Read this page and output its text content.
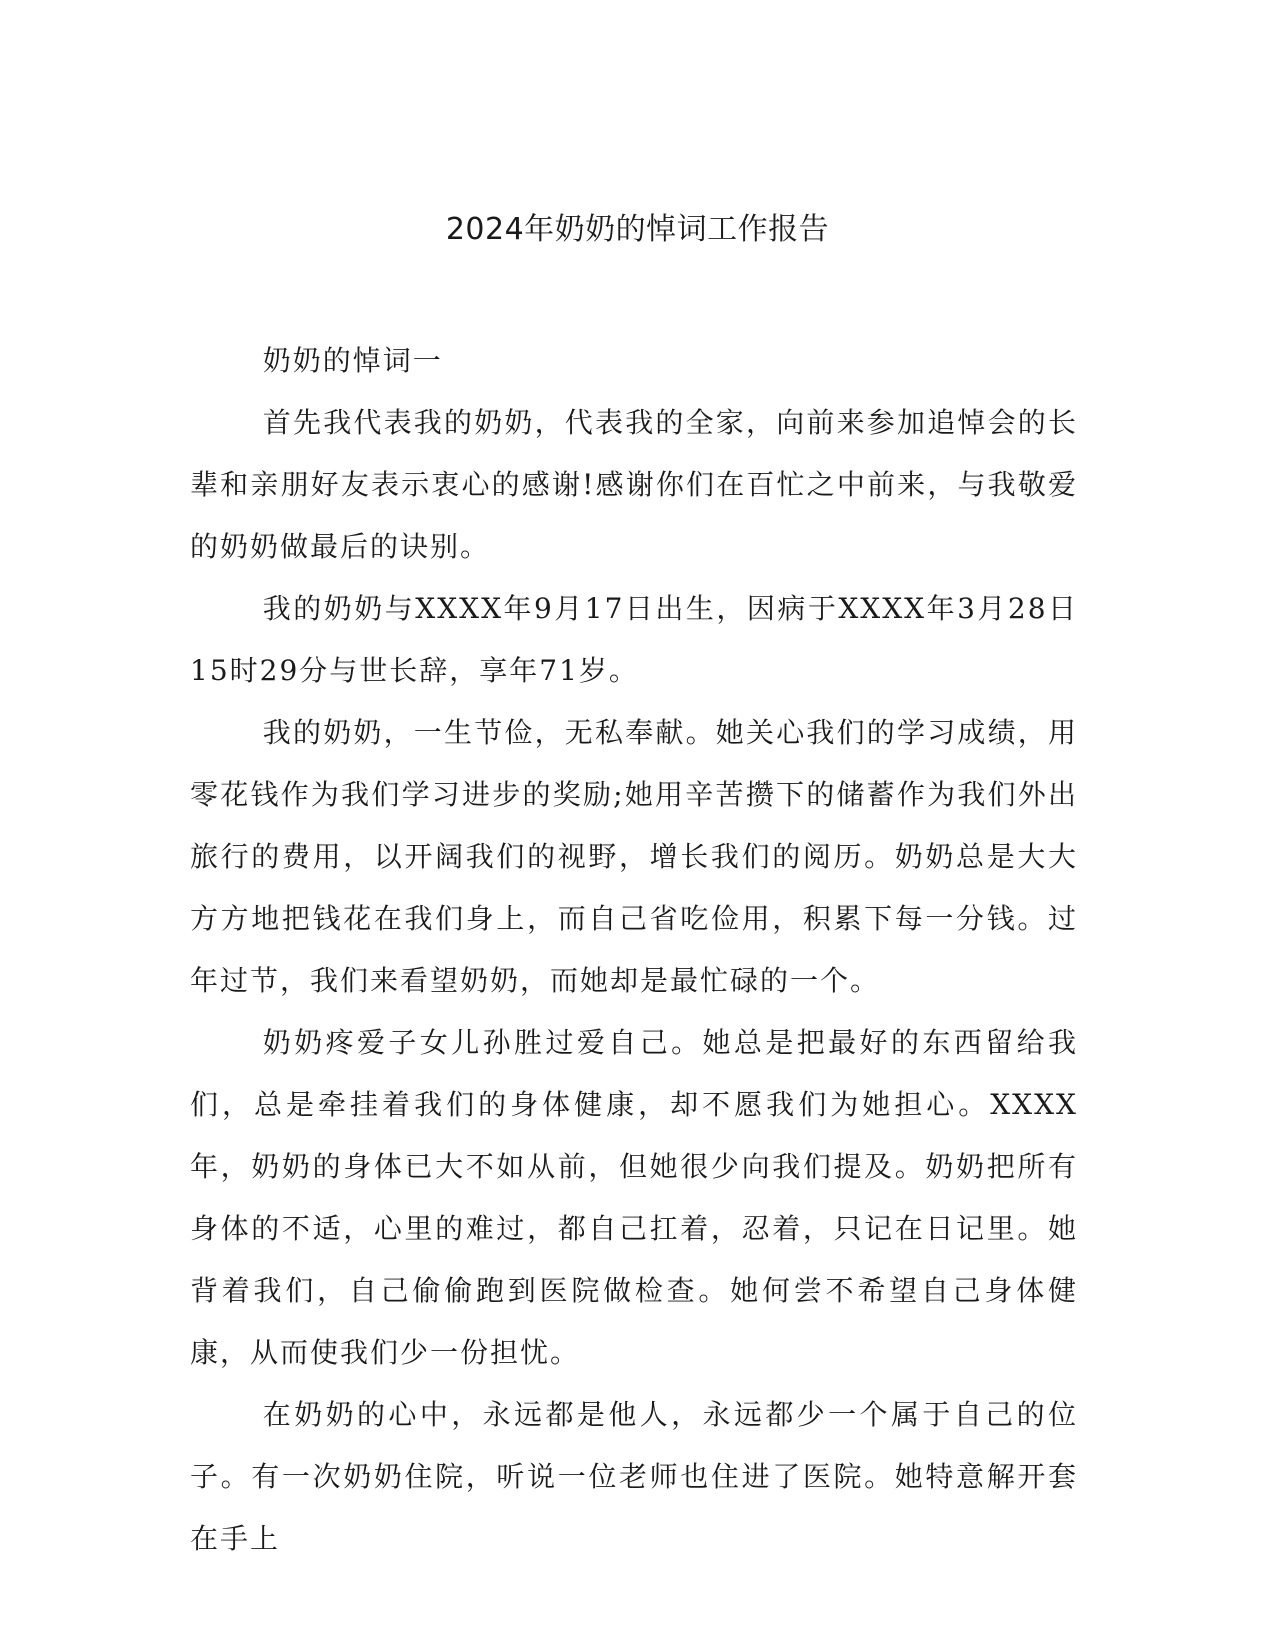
2024年奶奶的悼词工作报告

奶奶的悼词一

首先我代表我的奶奶，代表我的全家，向前来参加追悼会的长辈和亲朋好友表示衷心的感谢!感谢你们在百忙之中前来，与我敬爱的奶奶做最后的诀别。

我的奶奶与XXXX年9月17日出生，因病于XXXX年3月28日15时29分与世长辞，享年71岁。

我的奶奶，一生节俭，无私奉献。她关心我们的学习成绩，用零花钱作为我们学习进步的奖励;她用辛苦攒下的储蓄作为我们外出旅行的费用，以开阔我们的视野，增长我们的阅历。奶奶总是大大方方地把钱花在我们身上，而自己省吃俭用，积累下每一分钱。过年过节，我们来看望奶奶，而她却是最忙碌的一个。

奶奶疼爱子女儿孙胜过爱自己。她总是把最好的东西留给我们，总是牵挂着我们的身体健康，却不愿我们为她担心。XXXX年，奶奶的身体已大不如从前，但她很少向我们提及。奶奶把所有身体的不适，心里的难过，都自己扛着，忍着，只记在日记里。她背着我们，自己偷偷跑到医院做检查。她何尝不希望自己身体健康，从而使我们少一份担忧。

在奶奶的心中，永远都是他人，永远都少一个属于自己的位子。有一次奶奶住院，听说一位老师也住进了医院。她特意解开套在手上
